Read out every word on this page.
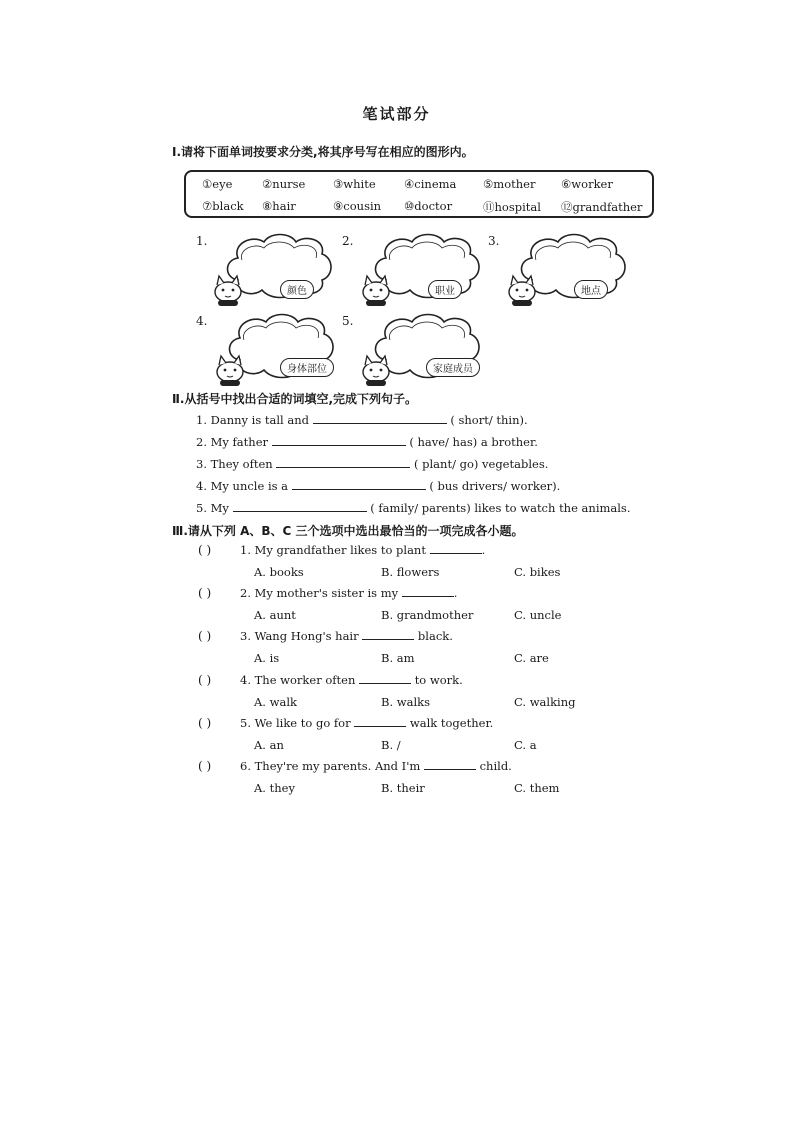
笔试部分
Ⅰ.请将下面单词按要求分类,将其序号写在相应的图形内。
①eye	②nurse ③white ④cinema ⑤mother ⑥worker
⑦black ⑧hair	⑨cousin ⑩doctor	⑪hospital ⑫grandfather
1.
颜色
2.
职业
3.
地点
4.
身体部位
5.
家庭成员
Ⅱ.从括号中找出合适的词填空,完成下列句子。
1. Danny is tall and	( short/ thin).
2. My father	( have/ has) a brother.
3. They often	( plant/ go) vegetables.
4. My uncle is a	( bus drivers/ worker).
5. My	( family/ parents) likes to watch the animals.
Ⅲ.请从下列 A、B、C 三个选项中选出最恰当的一项完成各小题。
( )	1. My grandfather likes to plant	.
A. books	B. flowers	C. bikes
( )	2. My mother's sister is my	.
A. aunt	B. grandmother	C. uncle
( )	3. Wang Hong's hair	black.
A. is	B. am	C. are
( )	4. The worker often	to work.
A. walk	B. walks	C. walking
( )	5. We like to go for	walk together.
A. an	B. /	C. a
( )	6. They're my parents. And I'm	child.
A. they	B. their	C. them
